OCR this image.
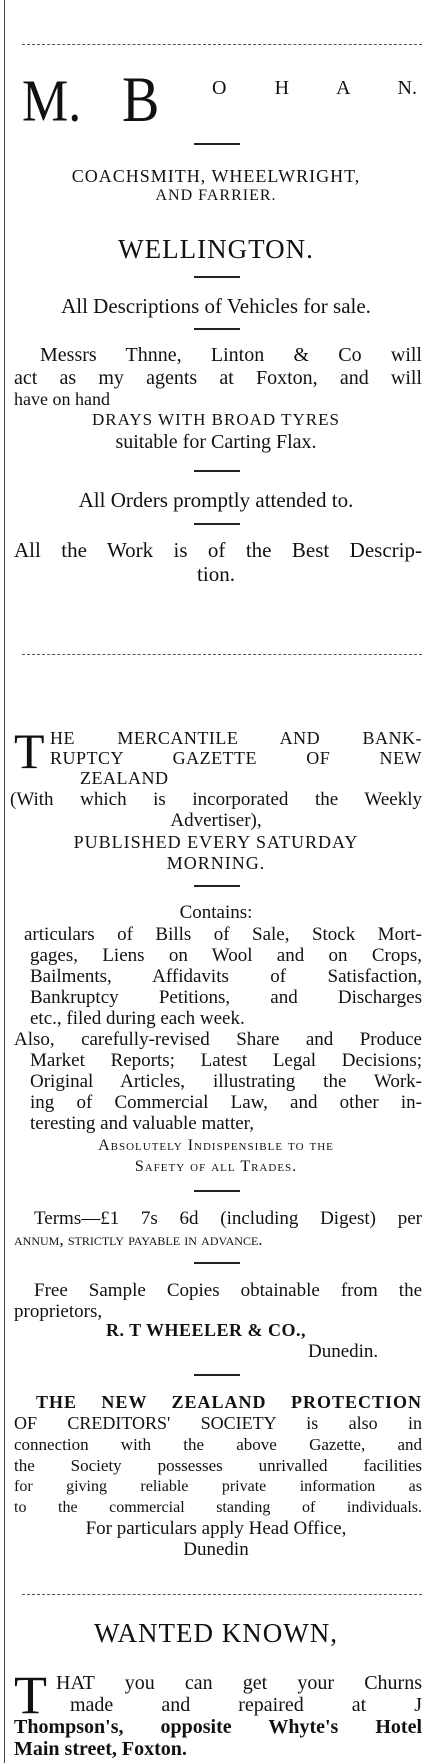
M. B	O H A N.
COACHSMITH, WHEELWRIGHT,
AND FARRIER.
WELLINGTON.
All Descriptions of Vehicles for sale.
Messrs Thnne, Linton & Co will
act as my agents at Foxton, and will
have on hand
DRAYS WITH BROAD TYRES
suitable for Carting Flax.
All Orders promptly attended to.
All the Work is of the Best Descrip-
tion.
T HE MERCANTILE AND BANK-
RUPTCY GAZETTE OF NEW
ZEALAND
(With which is incorporated the Weekly
Advertiser),
PUBLISHED EVERY SATURDAY
MORNING.
Contains:
articulars of Bills of Sale, Stock Mort-
gages, Liens on Wool and on Crops,
Bailments, Affidavits of Satisfaction,
Bankruptcy Petitions, and Discharges
etc., filed during each week.
Also, carefully-revised Share and Produce
Market Reports; Latest Legal Decisions;
Original Articles, illustrating the Work-
ing of Commercial Law, and other in-
teresting and valuable matter,
Absolutely Indispensible to the
Safety of all Trades.
Terms—£1 7s 6d (including Digest) per
annum, strictly payable in advance.
Free Sample Copies obtainable from the
proprietors,
R. T WHEELER & CO.,
Dunedin.
THE NEW ZEALAND PROTECTION
OF CREDITORS' SOCIETY is also in
connection with the above Gazette, and
the Society possesses unrivalled facilities
for giving reliable private information as
to the commercial standing of individuals.
For particulars apply Head Office,
Dunedin
WANTED KNOWN,
T HAT you can get your Churns
made and repaired at J
Thompson's, opposite Whyte's Hotel
Main street, Foxton.
